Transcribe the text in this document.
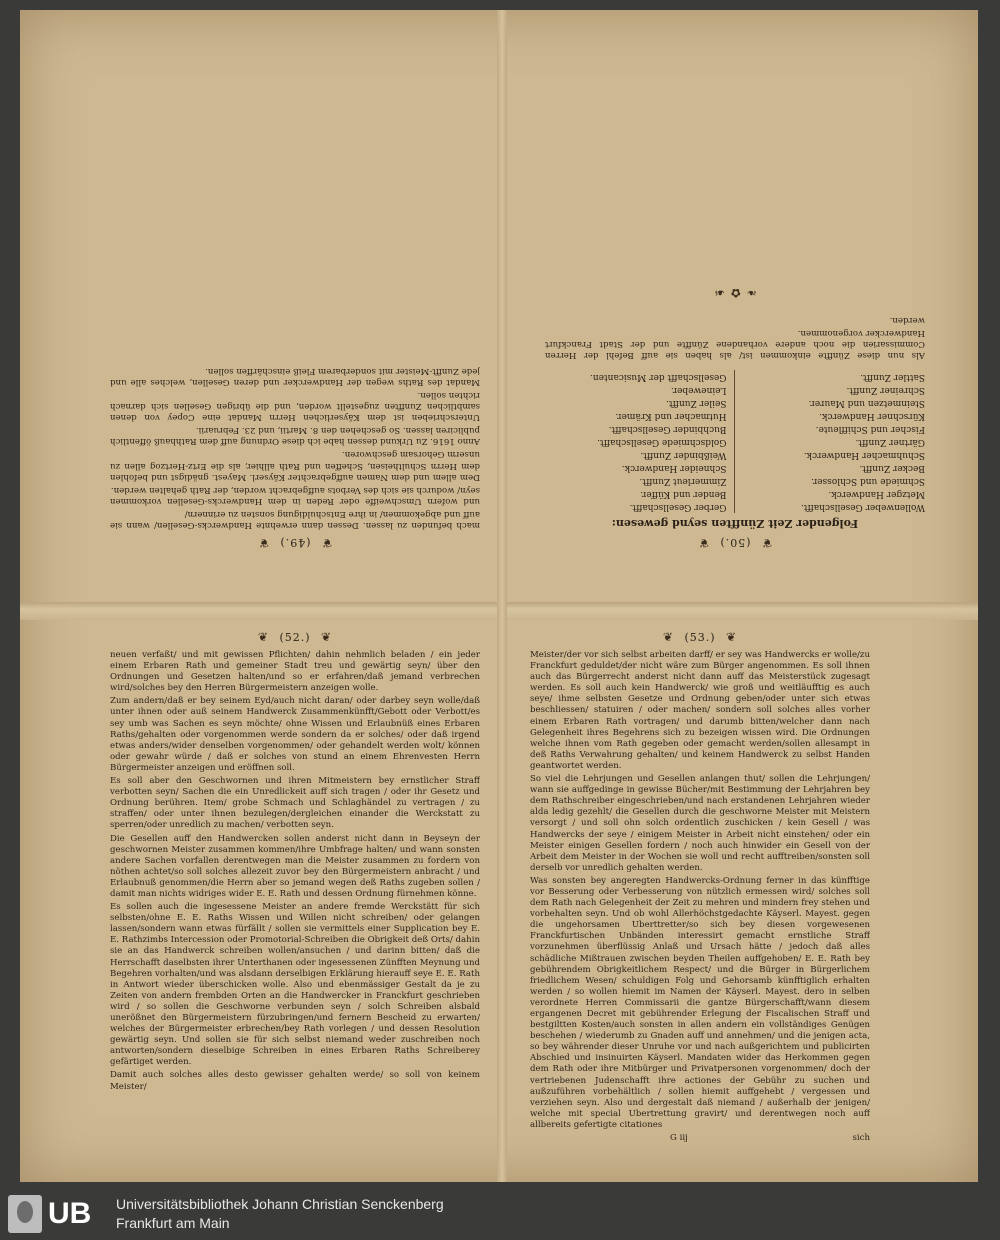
❦ (49.) ❦

mach befunden zu lassen. Dessen dann erwehnte Handwercks-Gesellen/ wann sie auff und abgekommen/ in ihre Entschuldigung sonsten zu erinnern/

und wofern Umschweiffe oder Reden in dem Handwercks-Gesellen vorkommen seyn/ wodurch sie sich des Verbots auffgebracht worden, der Rath gehalten werden.

Dem allem und dem Namen auffgebrachter Käyserl. Mayest. gnädigst und befohlen dem Herrn Schultheisen, Scheffen und Rath allhier, als die Ertz-Hertzog allen zu unserm Gehorsam geschworen.

Anno 1616. Zu Urkund dessen habe ich diese Ordnung auff dem Rathhauß öffentlich publiciren lassen. So geschehen den 8. Martii, und 23. Februarii.

Unterschrieben ist dem Käyserlichen Herrn Mandat eine Copey von denen sambtlichen Zunfften zugestellt worden, und die übrigen Gesellen sich darnach richten sollen.

Mandat des Raths wegen der Handwercker und deren Gesellen, welches alle und jede Zunfft-Meister mit sonderbarem Fleiß einschärffen sollen.

❦ (50.) ❦
Folgender Zeit Zünfften seynd gewesen:
Wollenweber Gesellschafft.
Metzger Handwerck.
Schmiede und Schlosser.
Becker Zunfft.
Schuhmacher Handwerck.
Gärtner Zunfft.
Fischer und Schiffleute.
Kürschner Handwerck.
Steinmetzen und Maurer.
Schreiner Zunfft.
Sattler Zunfft.
Gerber Gesellschafft.
Bender und Küffer.
Zimmerleut Zunfft.
Schneider Handwerck.
Weißbinder Zunfft.
Goldschmiede Gesellschafft.
Buchbinder Gesellschafft.
Hutmacher und Krämer.
Seiler Zunfft.
Leineweber.
Gesellschafft der Musicanten.

Als nun diese Zünffte einkommen ist/ als haben sie auff Befehl der Herren Commissarien die noch andere vorhandene Zünffte und der Stadt Franckfurt Handwercker vorgenommen.

werden.

❧ ✿ ☙
❦ (52.) ❦

neuen verfaßt/ und mit gewissen Pflichten/ dahin nehmlich beladen / ein jeder einem Erbaren Rath und gemeiner Stadt treu und gewärtig seyn/ über den Ordnungen und Gesetzen halten/und so er erfahren/daß jemand verbrechen wird/solches bey den Herren Bürgermeistern anzeigen wolle.

Zum andern/daß er bey seinem Eyd/auch nicht daran/ oder darbey seyn wolle/daß unter ihnen oder auß seinem Handwerck Zusammenkünfft/Gebott oder Verbott/es sey umb was Sachen es seyn möchte/ ohne Wissen und Erlaubnüß eines Erbaren Raths/gehalten oder vorgenommen werde sondern da er solches/ oder daß irgend etwas anders/wider denselben vorgenommen/ oder gehandelt werden wolt/ können oder gewahr würde / daß er solches von stund an einem Ehrenvesten Herrn Bürgermeister anzeigen und eröffnen soll.

Es soll aber den Geschwornen und ihren Mitmeistern bey ernstlicher Straff verbotten seyn/ Sachen die ein Unredlickeit auff sich tragen / oder ihr Gesetz und Ordnung berühren. Item/ grobe Schmach und Schlaghändel zu vertragen / zu straffen/ oder unter ihnen bezulegen/dergleichen einander die Werckstatt zu sperren/oder unredlich zu machen/ verbotten seyn.

Die Gesellen auff den Handwercken sollen anderst nicht dann in Beyseyn der geschwornen Meister zusammen kommen/ihre Umbfrage halten/ und wann sonsten andere Sachen vorfallen derentwegen man die Meister zusammen zu fordern von nöthen achtet/so soll solches allezeit zuvor bey den Bürgermeistern anbracht / und Erlaubnuß genommen/die Herrn aber so jemand wegen deß Raths zugeben sollen / damit man nichts widriges wider E. E. Rath und dessen Ordnung fürnehmen könne.

Es sollen auch die ingesessene Meister an andere fremde Werckstätt für sich selbsten/ohne E. E. Raths Wissen und Willen nicht schreiben/ oder gelangen lassen/sondern wann etwas fürfällt / sollen sie vermittels einer Supplication bey E. E. Rathzimbs Intercession oder Promotorial-Schreiben die Obrigkeit deß Orts/ dahin sie an das Handwerck schreiben wollen/ansuchen / und darinn bitten/ daß die Herrschafft daselbsten ihrer Unterthanen oder ingesessenen Zünfften Meynung und Begehren vorhalten/und was alsdann derselbigen Erklärung hierauff seye E. E. Rath in Antwort wieder überschicken wolle. Also und ebenmässiger Gestalt da je zu Zeiten von andern frembden Orten an die Handwercker in Franckfurt geschrieben wird / so sollen die Geschworne verbunden seyn / solch Schreiben alsbald unerößnet den Bürgermeistern fürzubringen/und fernern Bescheid zu erwarten/ welches der Bürgermeister erbrechen/bey Rath vorlegen / und dessen Resolution gewärtig seyn. Und sollen sie für sich selbst niemand weder zuschreiben noch antworten/sondern dieselbige Schreiben in eines Erbaren Raths Schreiberey gefärtiget werden.

Damit auch solches alles desto gewisser gehalten werde/ so soll von keinem Meister/

❦ (53.) ❦

Meister/der vor sich selbst arbeiten darff/ er sey was Handwercks er wolle/zu Franckfurt geduldet/der nicht wäre zum Bürger angenommen. Es soll ihnen auch das Bürgerrecht anderst nicht dann auff das Meisterstück zugesagt werden. Es soll auch kein Handwerck/ wie groß und weitläufftig es auch seye/ ihme selbsten Gesetze und Ordnung geben/oder unter sich etwas beschliessen/ statuiren / oder machen/ sondern soll solches alles vorher einem Erbaren Rath vortragen/ und darumb bitten/welcher dann nach Gelegenheit ihres Begehrens sich zu bezeigen wissen wird. Die Ordnungen welche ihnen vom Rath gegeben oder gemacht werden/sollen allesampt in deß Raths Verwahrung gehalten/ und keinem Handwerck zu selbst Handen geantwortet werden.

So viel die Lehrjungen und Gesellen anlangen thut/ sollen die Lehrjungen/ wann sie auffgedinge in gewisse Bücher/mit Bestimmung der Lehrjahren bey dem Rathschreiber eingeschrieben/und nach erstandenen Lehrjahren wieder alda ledig gezehlt/ die Gesellen durch die geschworne Meister mit Meistern versorgt / und soll ohn solch ordentlich zuschicken / kein Gesell / was Handwercks der seye / einigem Meister in Arbeit nicht einstehen/ oder ein Meister einigen Gesellen fordern / noch auch hinwider ein Gesell von der Arbeit dem Meister in der Wochen sie woll und recht aufftreiben/sonsten soll derselb vor unredlich gehalten werden.

Was sonsten bey angeregten Handwercks-Ordnung ferner in das künfftige vor Besserung oder Verbesserung von nützlich ermessen wird/ solches soll dem Rath nach Gelegenheit der Zeit zu mehren und mindern frey stehen und vorbehalten seyn. Und ob wohl Allerhöchstgedachte Käyserl. Mayest. gegen die ungehorsamen Uberttretter/so sich bey diesen vorgewesenen Franckfurtischen Unbänden interessirt gemacht ernstliche Straff vorzunehmen überflüssig Anlaß und Ursach hätte / jedoch daß alles schädliche Mißtrauen zwischen beyden Theilen auffgehoben/ E. E. Rath bey gebührendem Obrigkeitlichem Respect/ und die Bürger in Bürgerlichem friedlichem Wesen/ schuldigen Folg und Gehorsamb künfftiglich erhalten werden / so wollen hiemit im Namen der Käyserl. Mayest. dero in selben verordnete Herren Commissarii die gantze Bürgerschafft/wann diesem ergangenen Decret mit gebührender Erlegung der Fiscalischen Straff und bestgiltten Kosten/auch sonsten in allen andern ein vollständiges Genügen beschehen / wiederumb zu Gnaden auff und annehmen/ und die jenigen acta, so bey währender dieser Unruhe vor und nach außgerichtem und publicirten Abschied und insinuirten Käyserl. Mandaten wider das Herkommen gegen dem Rath oder ihre Mitbürger und Privatpersonen vorgenommen/ doch der vertriebenen Judenschafft ihre actiones der Gebühr zu suchen und außzuführen vorbehältlich / sollen hiemit auffgehebt / vergessen und verziehen seyn. Also und dergestalt daß niemand / außerhalb der jenigen/ welche mit special Ubertrettung gravirt/ und derentwegen noch auff allbereits gefertigte citationes

G iij	sich
UB Universitätsbibliothek Johann Christian Senckenberg
Frankfurt am Main
